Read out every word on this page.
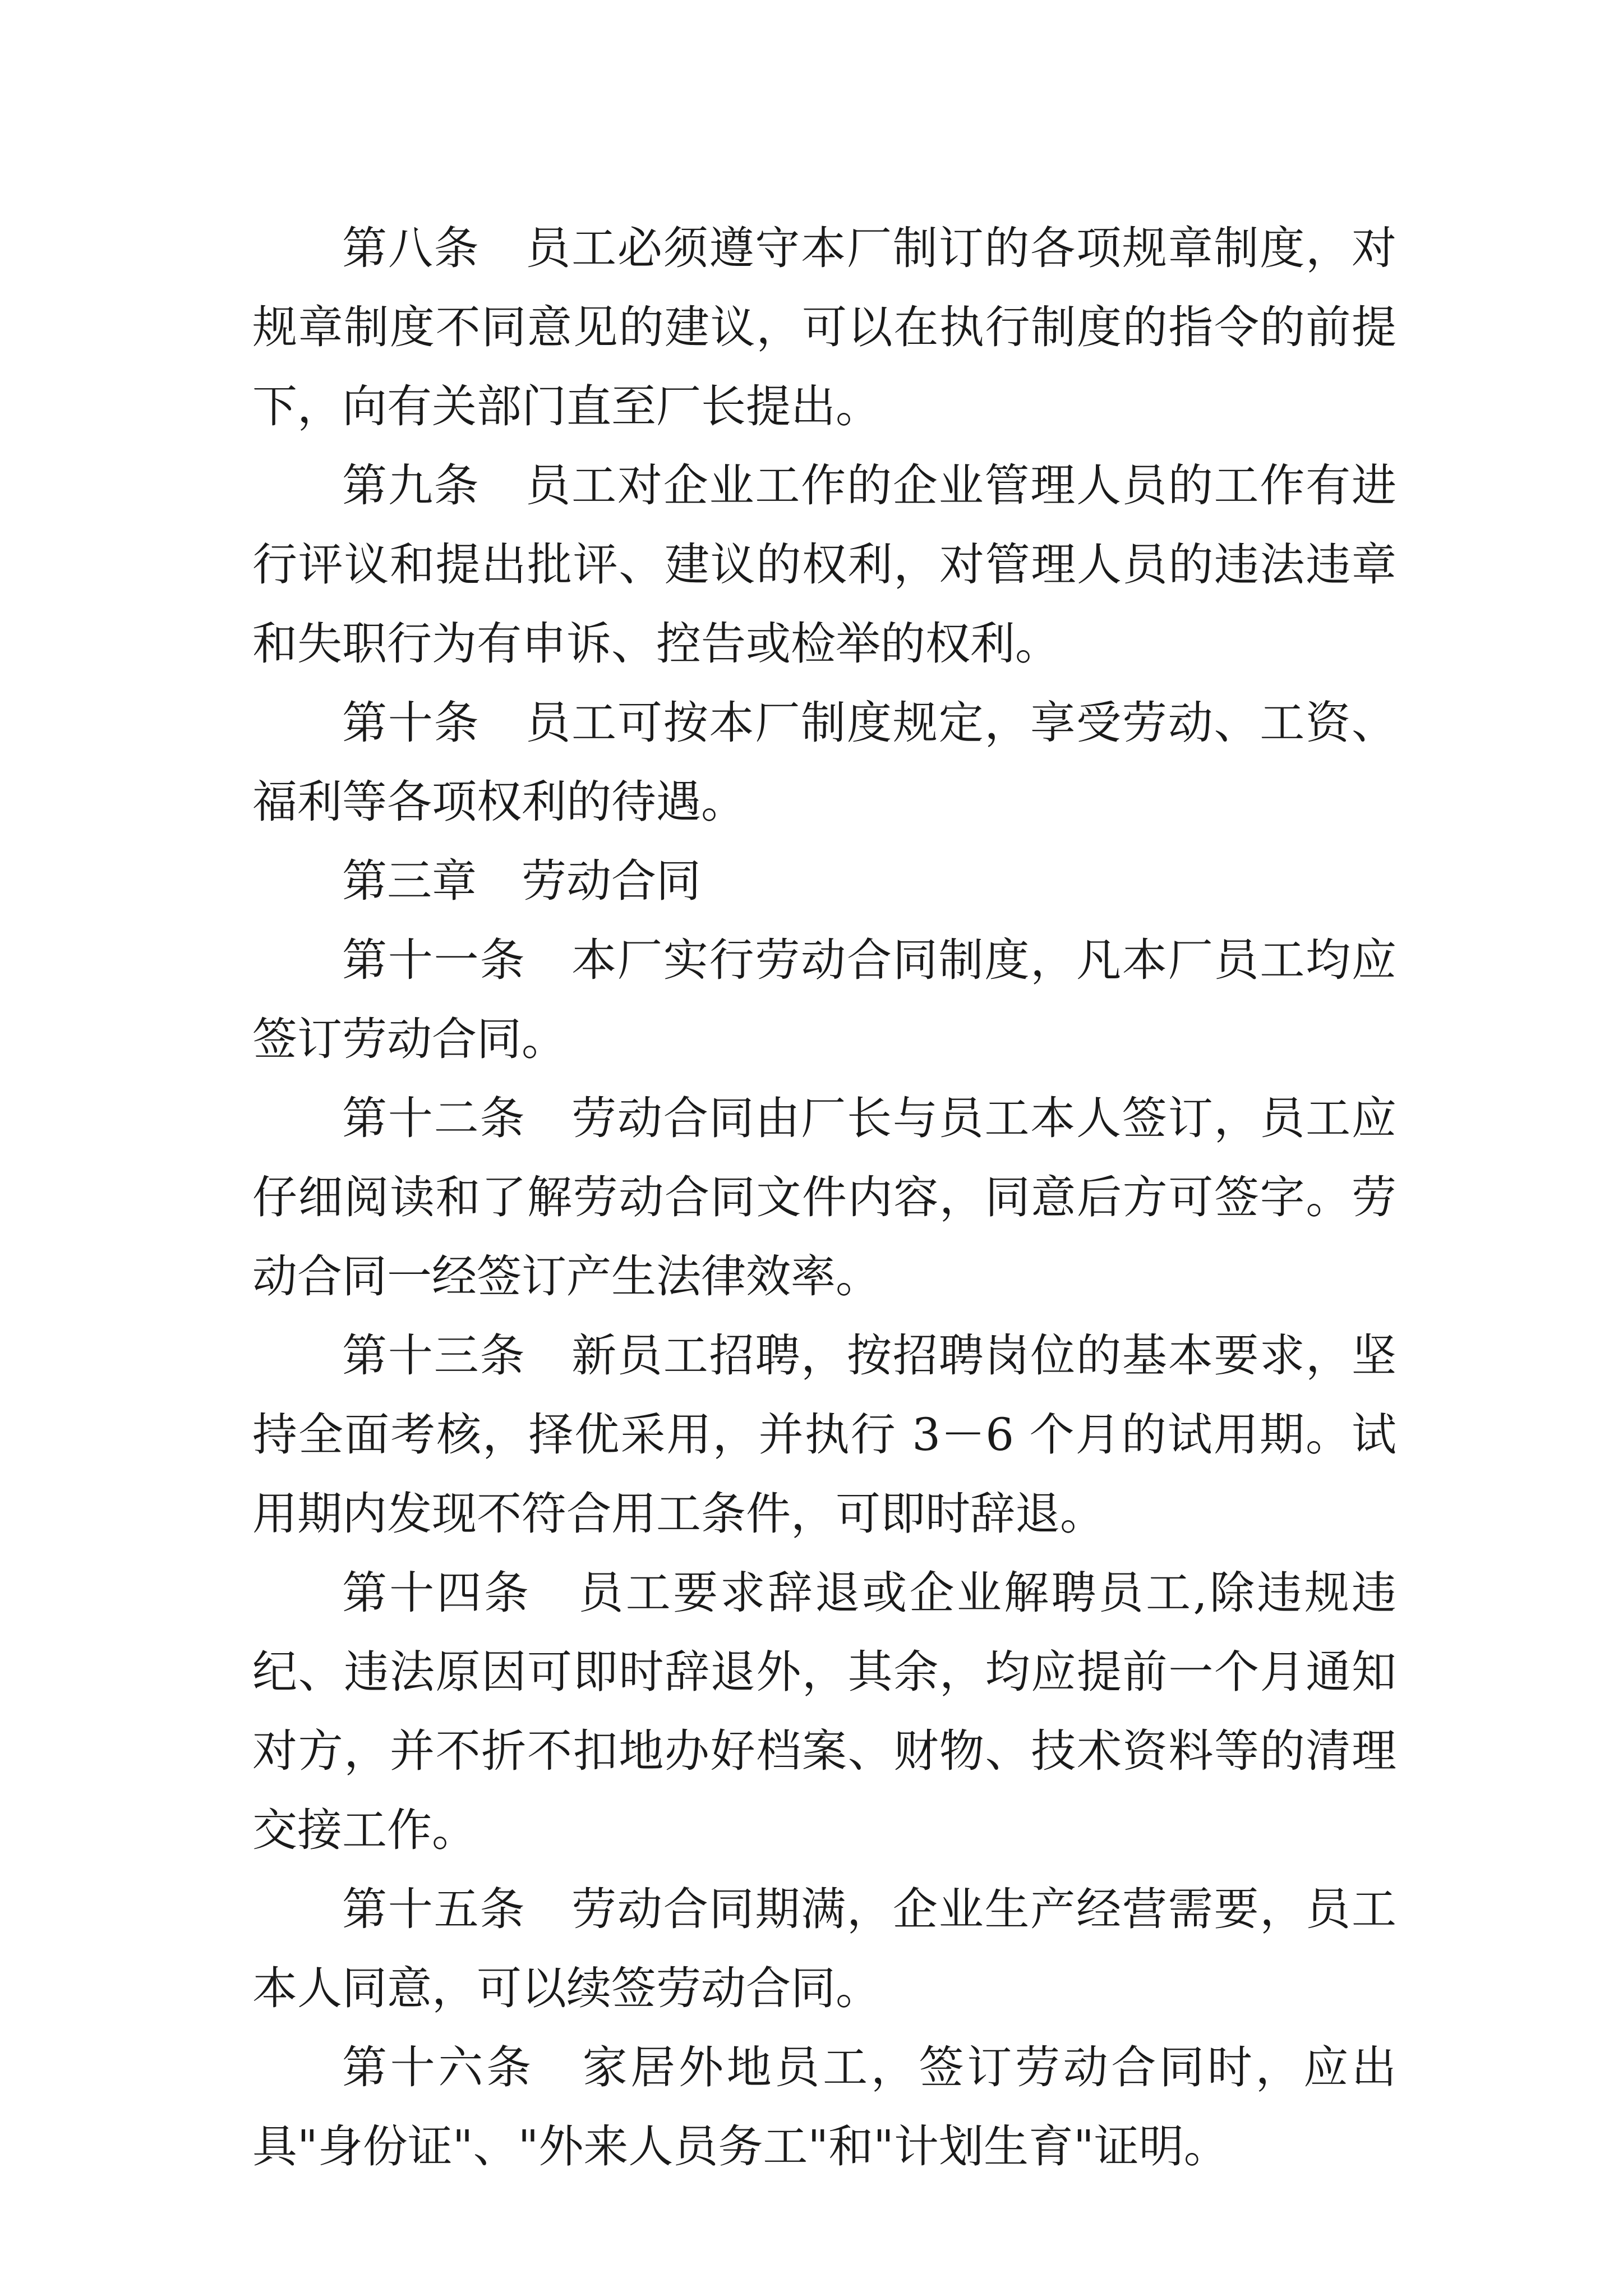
第八条　员工必须遵守本厂制订的各项规章制度，对规章制度不同意见的建议，可以在执行制度的指令的前提下，向有关部门直至厂长提出。

第九条　员工对企业工作的企业管理人员的工作有进行评议和提出批评、建议的权利，对管理人员的违法违章和失职行为有申诉、控告或检举的权利。

第十条　员工可按本厂制度规定，享受劳动、工资、福利等各项权利的待遇。

第三章　劳动合同

第十一条　本厂实行劳动合同制度，凡本厂员工均应签订劳动合同。

第十二条　劳动合同由厂长与员工本人签订，员工应仔细阅读和了解劳动合同文件内容，同意后方可签字。劳动合同一经签订产生法律效率。

第十三条　新员工招聘，按招聘岗位的基本要求，坚持全面考核，择优采用，并执行 3－6 个月的试用期。试用期内发现不符合用工条件，可即时辞退。

第十四条　员工要求辞退或企业解聘员工,除违规违纪、违法原因可即时辞退外，其余，均应提前一个月通知对方，并不折不扣地办好档案、财物、技术资料等的清理交接工作。

第十五条　劳动合同期满，企业生产经营需要，员工本人同意，可以续签劳动合同。

第十六条　家居外地员工，签订劳动合同时，应出具"身份证"、"外来人员务工"和"计划生育"证明。
